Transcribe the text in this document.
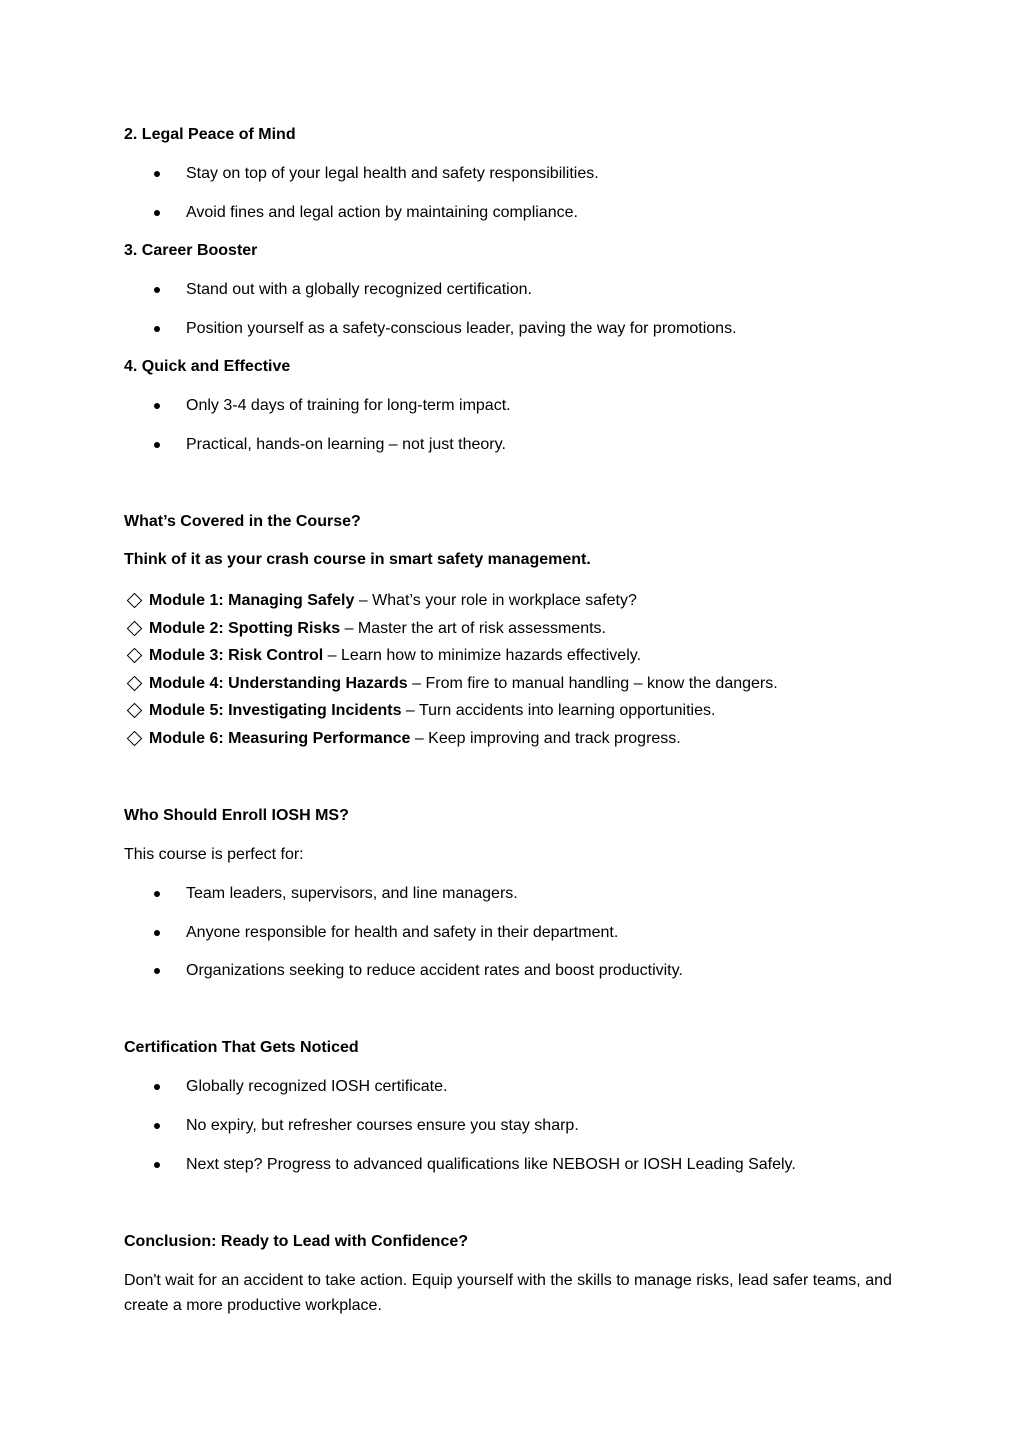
2. Legal Peace of Mind
Stay on top of your legal health and safety responsibilities.
Avoid fines and legal action by maintaining compliance.
3. Career Booster
Stand out with a globally recognized certification.
Position yourself as a safety-conscious leader, paving the way for promotions.
4. Quick and Effective
Only 3-4 days of training for long-term impact.
Practical, hands-on learning – not just theory.
What’s Covered in the Course?
Think of it as your crash course in smart safety management.
Module 1: Managing Safely – What’s your role in workplace safety?
Module 2: Spotting Risks – Master the art of risk assessments.
Module 3: Risk Control – Learn how to minimize hazards effectively.
Module 4: Understanding Hazards – From fire to manual handling – know the dangers.
Module 5: Investigating Incidents – Turn accidents into learning opportunities.
Module 6: Measuring Performance – Keep improving and track progress.
Who Should Enroll IOSH MS?
This course is perfect for:
Team leaders, supervisors, and line managers.
Anyone responsible for health and safety in their department.
Organizations seeking to reduce accident rates and boost productivity.
Certification That Gets Noticed
Globally recognized IOSH certificate.
No expiry, but refresher courses ensure you stay sharp.
Next step? Progress to advanced qualifications like NEBOSH or IOSH Leading Safely.
Conclusion: Ready to Lead with Confidence?
Don't wait for an accident to take action. Equip yourself with the skills to manage risks, lead safer teams, and create a more productive workplace.
